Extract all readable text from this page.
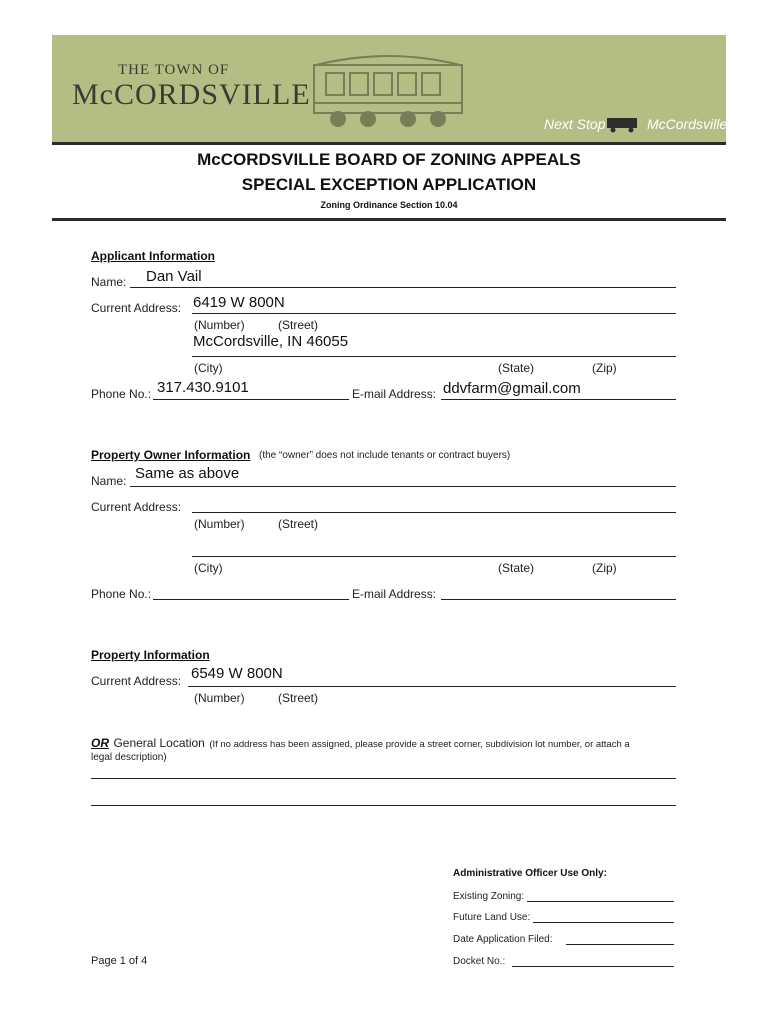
THE TOWN OF
McCORDSVILLE
Next Stop	McCordsville
McCORDSVILLE BOARD OF ZONING APPEALS
SPECIAL EXCEPTION APPLICATION
Zoning Ordinance Section 10.04
Applicant Information
Name: Dan Vail
Current Address: 6419 W 800N
(Number)	(Street)
McCordsville, IN 46055
(City)	(State)	(Zip)
Phone No.: 317.430.9101	E-mail Address: ddvfarm@gmail.com
Property Owner Information (the “owner” does not include tenants or contract buyers)
Name: Same as above
Current Address:
(Number)	(Street)
(City)	(State)	(Zip)
Phone No.:	E-mail Address:
Property Information
Current Address: 6549 W 800N
(Number)	(Street)
OR General Location (If no address has been assigned, please provide a street corner, subdivision lot number, or attach a
legal description)
Administrative Officer Use Only:
Existing Zoning:
Future Land Use:
Date Application Filed:
Docket No.:
Page 1 of 4
